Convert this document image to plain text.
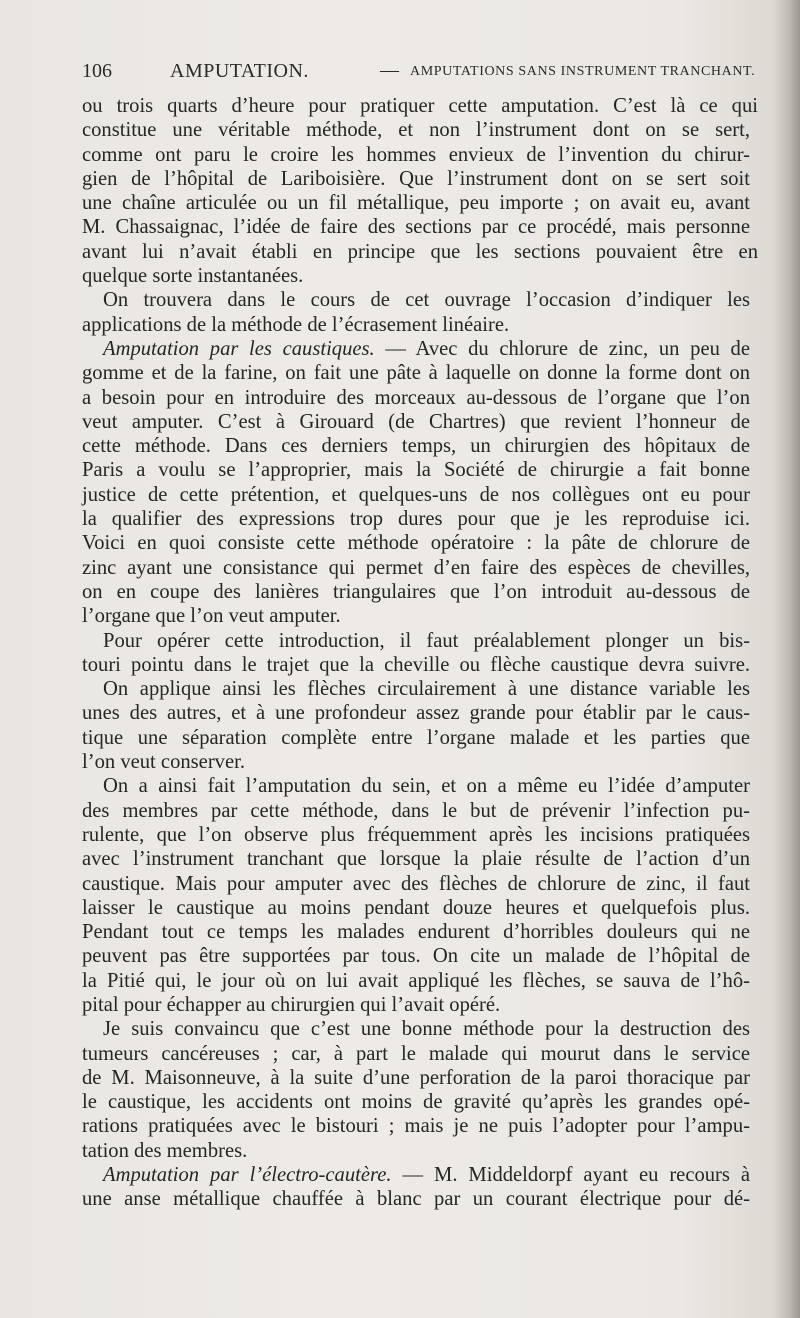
106	AMPUTATION.	— AMPUTATIONS SANS INSTRUMENT TRANCHANT.
ou trois quarts d’heure pour pratiquer cette amputation. C’est là ce qui
constitue une véritable méthode, et non l’instrument dont on se sert,
comme ont paru le croire les hommes envieux de l’invention du chirur-
gien de l’hôpital de Lariboisière. Que l’instrument dont on se sert soit
une chaîne articulée ou un fil métallique, peu importe ; on avait eu, avant
M. Chassaignac, l’idée de faire des sections par ce procédé, mais personne
avant lui n’avait établi en principe que les sections pouvaient être en
quelque sorte instantanées.
On trouvera dans le cours de cet ouvrage l’occasion d’indiquer les
applications de la méthode de l’écrasement linéaire.
Amputation par les caustiques. — Avec du chlorure de zinc, un peu de
gomme et de la farine, on fait une pâte à laquelle on donne la forme dont on
a besoin pour en introduire des morceaux au-dessous de l’organe que l’on
veut amputer. C’est à Girouard (de Chartres) que revient l’honneur de
cette méthode. Dans ces derniers temps, un chirurgien des hôpitaux de
Paris a voulu se l’approprier, mais la Société de chirurgie a fait bonne
justice de cette prétention, et quelques-uns de nos collègues ont eu pour
la qualifier des expressions trop dures pour que je les reproduise ici.
Voici en quoi consiste cette méthode opératoire : la pâte de chlorure de
zinc ayant une consistance qui permet d’en faire des espèces de chevilles,
on en coupe des lanières triangulaires que l’on introduit au-dessous de
l’organe que l’on veut amputer.
Pour opérer cette introduction, il faut préalablement plonger un bis-
touri pointu dans le trajet que la cheville ou flèche caustique devra suivre.
On applique ainsi les flèches circulairement à une distance variable les
unes des autres, et à une profondeur assez grande pour établir par le caus-
tique une séparation complète entre l’organe malade et les parties que
l’on veut conserver.
On a ainsi fait l’amputation du sein, et on a même eu l’idée d’amputer
des membres par cette méthode, dans le but de prévenir l’infection pu-
rulente, que l’on observe plus fréquemment après les incisions pratiquées
avec l’instrument tranchant que lorsque la plaie résulte de l’action d’un
caustique. Mais pour amputer avec des flèches de chlorure de zinc, il faut
laisser le caustique au moins pendant douze heures et quelquefois plus.
Pendant tout ce temps les malades endurent d’horribles douleurs qui ne
peuvent pas être supportées par tous. On cite un malade de l’hôpital de
la Pitié qui, le jour où on lui avait appliqué les flèches, se sauva de l’hô-
pital pour échapper au chirurgien qui l’avait opéré.
Je suis convaincu que c’est une bonne méthode pour la destruction des
tumeurs cancéreuses ; car, à part le malade qui mourut dans le service
de M. Maisonneuve, à la suite d’une perforation de la paroi thoracique par
le caustique, les accidents ont moins de gravité qu’après les grandes opé-
rations pratiquées avec le bistouri ; mais je ne puis l’adopter pour l’ampu-
tation des membres.
Amputation par l’électro-cautère. — M. Middeldorpf ayant eu recours à
une anse métallique chauffée à blanc par un courant électrique pour dé-
